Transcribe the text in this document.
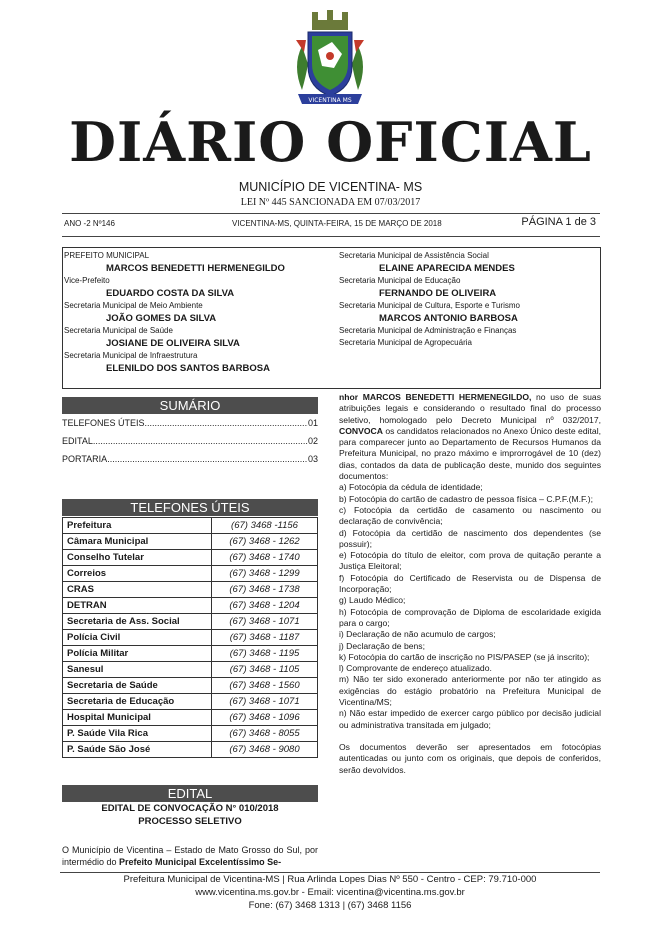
VICENTINA MS
DIÁRIO OFICIAL
MUNICÍPIO DE VICENTINA- MS
LEI Nº 445 SANCIONADA EM 07/03/2017
ANO -2 Nº146	VICENTINA-MS, QUINTA-FEIRA, 15 DE MARÇO DE 2018	PÁGINA 1 de 3
PREFEITO MUNICIPAL
MARCOS BENEDETTI HERMENEGILDO
Vice-Prefeito
EDUARDO COSTA DA SILVA
Secretaria Municipal de Meio Ambiente
JOÃO GOMES DA SILVA
Secretaria Municipal de Saúde
JOSIANE DE OLIVEIRA SILVA
Secretaria Municipal de Infraestrutura
ELENILDO DOS SANTOS BARBOSA
Secretaria Municipal de Assistência Social
ELAINE APARECIDA MENDES
Secretaria Municipal de Educação
FERNANDO DE OLIVEIRA
Secretaria Municipal de Cultura, Esporte e Turismo
MARCOS ANTONIO BARBOSA
Secretaria Municipal de Administração e Finanças
Secretaria Municipal de Agropecuária
SUMÁRIO
TELEFONES ÚTEIS .....	01
EDITAL .....	02
PORTARIA .....	03
TELEFONES ÚTEIS
Prefeitura	(67) 3468 -1156
Câmara Municipal	(67) 3468 - 1262
Conselho Tutelar	(67) 3468 - 1740
Correios	(67) 3468 - 1299
CRAS	(67) 3468 - 1738
DETRAN	(67) 3468 - 1204
Secretaria de Ass. Social	(67) 3468 - 1071
Polícia Civil	(67) 3468 - 1187
Polícia Militar	(67) 3468 - 1195
Sanesul	(67) 3468 - 1105
Secretaria de Saúde	(67) 3468 - 1560
Secretaria de Educação	(67) 3468 - 1071
Hospital Municipal	(67) 3468 - 1096
P. Saúde Vila Rica	(67) 3468 - 8055
P. Saúde São José	(67) 3468 - 9080
EDITAL
EDITAL DE CONVOCAÇÃO N° 010/2018
PROCESSO SELETIVO
O Município de Vicentina – Estado de Mato Grosso do Sul, por intermédio do Prefeito Municipal Excelentíssimo Se-

nhor MARCOS BENEDETTI HERMENEGILDO, no uso de suas atribuições legais e considerando o resultado final do processo seletivo, homologado pelo Decreto Municipal nº 032/2017, CONVOCA os candidatos relacionados no Anexo Único deste edital, para comparecer junto ao Departamento de Recursos Humanos da Prefeitura Municipal, no prazo máximo e improrrogável de 10 (dez) dias, contados da data de publicação deste, munido dos seguintes documentos:

a) Fotocópia da cédula de identidade;

b) Fotocópia do cartão de cadastro de pessoa física – C.P.F.(M.F.);

c) Fotocópia da certidão de casamento ou nascimento ou declaração de convivência;

d) Fotocópia da certidão de nascimento dos dependentes (se possuir);

e) Fotocópia do título de eleitor, com prova de quitação perante a Justiça Eleitoral;

f) Fotocópia do Certificado de Reservista ou de Dispensa de Incorporação;

g) Laudo Médico;

h) Fotocópia de comprovação de Diploma de escolaridade exigida para o cargo;

i) Declaração de não acumulo de cargos;

j) Declaração de bens;

k) Fotocópia do cartão de inscrição no PIS/PASEP (se já inscrito);

l) Comprovante de endereço atualizado.

m) Não ter sido exonerado anteriormente por não ter atingido as exigências do estágio probatório na Prefeitura Municipal de Vicentina/MS;

n) Não estar impedido de exercer cargo público por decisão judicial ou administrativa transitada em julgado;

Os documentos deverão ser apresentados em fotocópias autenticadas ou junto com os originais, que depois de conferidos, serão devolvidos.

Prefeitura Municipal de Vicentina-MS | Rua Arlinda Lopes Dias Nº 550 - Centro - CEP: 79.710-000
www.vicentina.ms.gov.br - Email: vicentina@vicentina.ms.gov.br
Fone: (67) 3468 1313 | (67) 3468 1156
